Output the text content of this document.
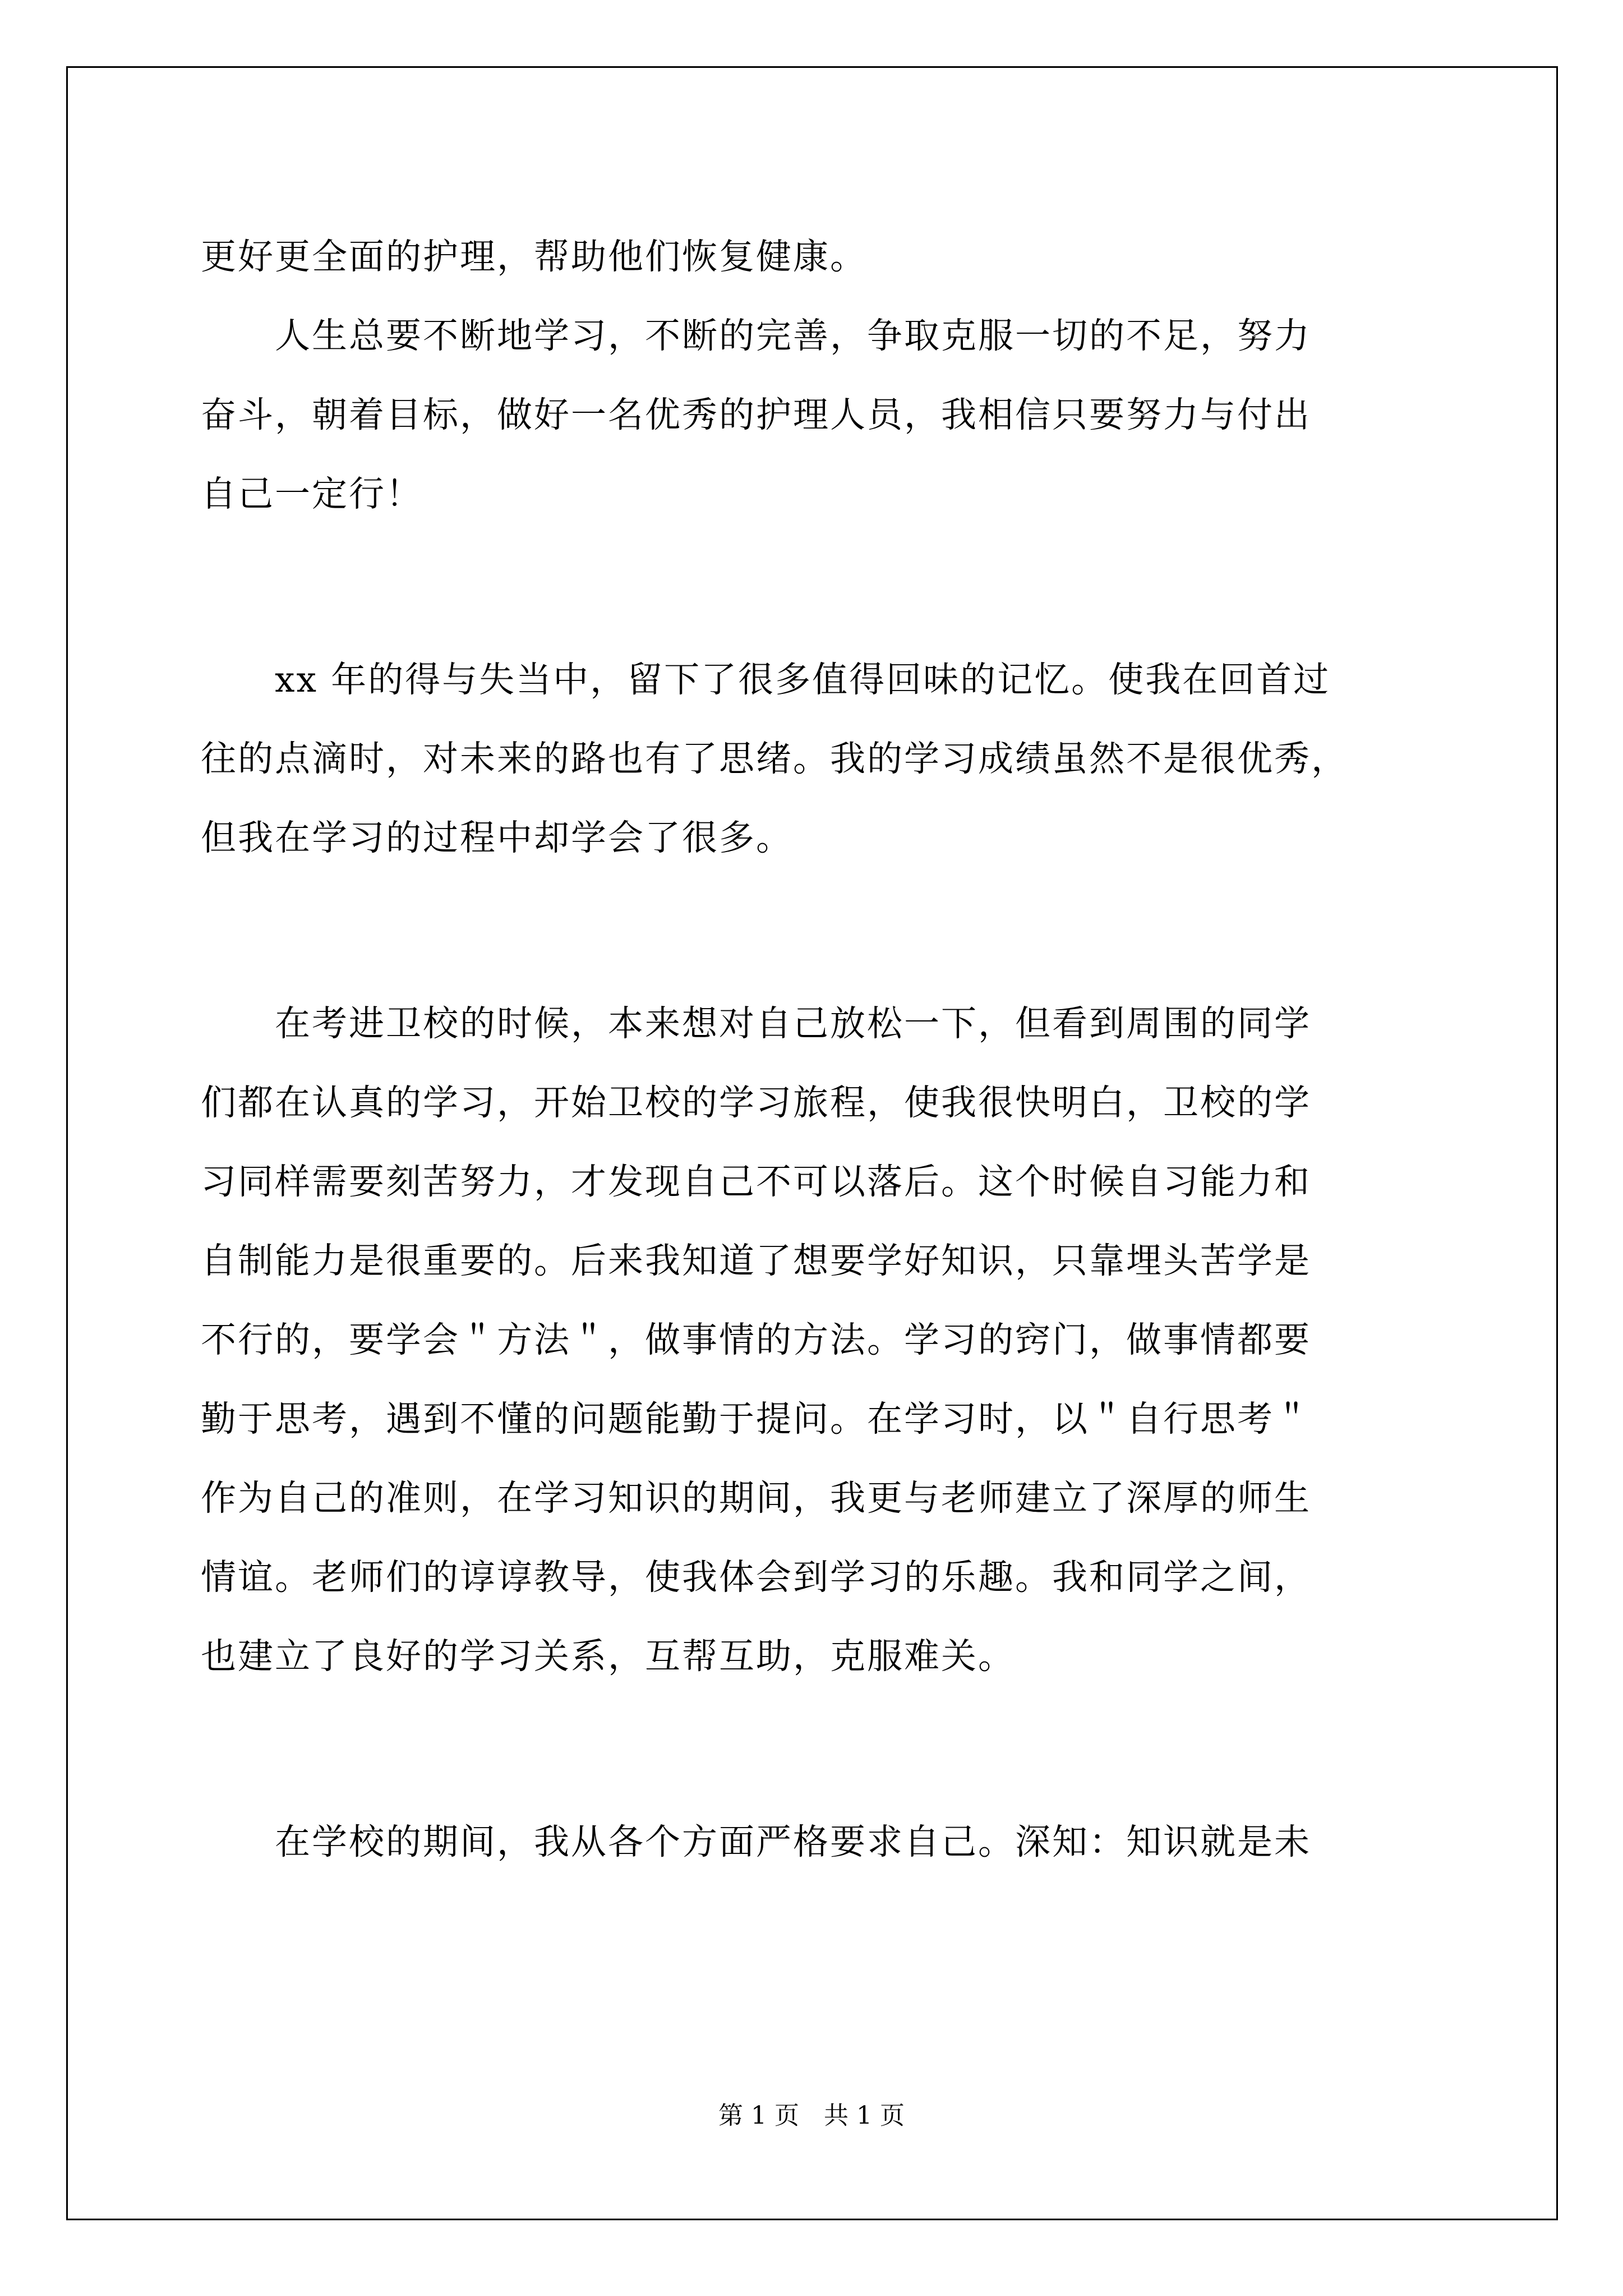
更好更全面的护理，帮助他们恢复健康。
　　人生总要不断地学习，不断的完善，争取克服一切的不足，努力
奋斗，朝着目标，做好一名优秀的护理人员，我相信只要努力与付出
自己一定行！
　　xx 年的得与失当中，留下了很多值得回味的记忆。使我在回首过
往的点滴时，对未来的路也有了思绪。我的学习成绩虽然不是很优秀，
但我在学习的过程中却学会了很多。
　　在考进卫校的时候，本来想对自己放松一下，但看到周围的同学
们都在认真的学习，开始卫校的学习旅程，使我很快明白，卫校的学
习同样需要刻苦努力，才发现自己不可以落后。这个时候自习能力和
自制能力是很重要的。后来我知道了想要学好知识，只靠埋头苦学是
不行的，要学会＂方法＂，做事情的方法。学习的窍门，做事情都要
勤于思考，遇到不懂的问题能勤于提问。在学习时，以＂自行思考＂
作为自己的准则，在学习知识的期间，我更与老师建立了深厚的师生
情谊。老师们的谆谆教导，使我体会到学习的乐趣。我和同学之间，
也建立了良好的学习关系，互帮互助，克服难关。
　　在学校的期间，我从各个方面严格要求自己。深知：知识就是未
第 1 页　共 1 页
